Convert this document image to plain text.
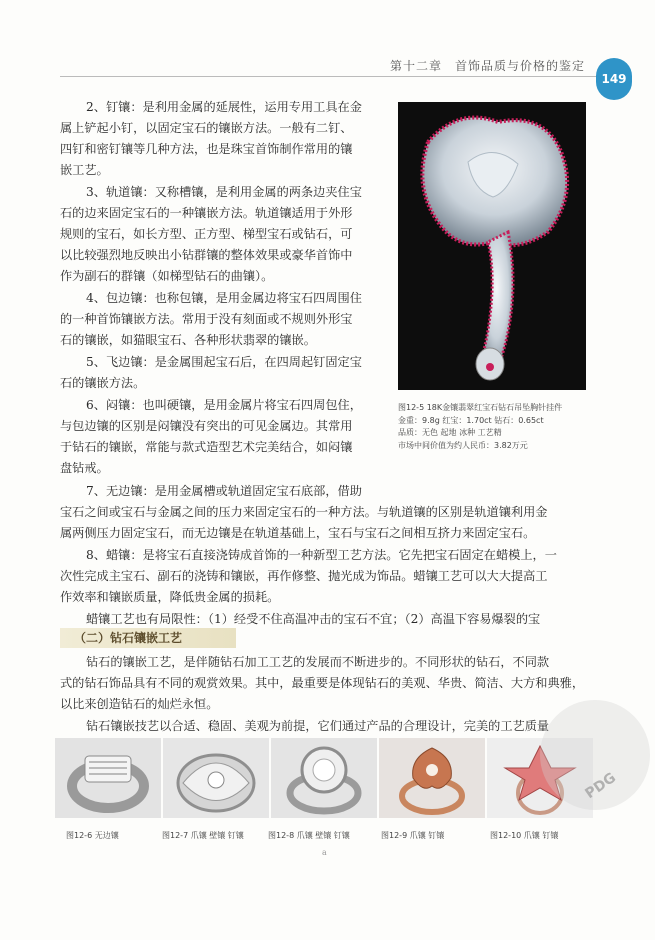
第十二章　首饰品质与价格的鉴定
149
图12-5 18K金镶翡翠红宝石钻石吊坠胸针挂件
金重：9.8g 红宝：1.70ct 钻石：0.65ct
品质：无色 起地 冰种 工艺精
市场中间价值为约人民币：3.82万元

2、钉镶：是利用金属的延展性，运用专用工具在金

属上铲起小钉，以固定宝石的镶嵌方法。一般有二钉、

四钉和密钉镶等几种方法，也是珠宝首饰制作常用的镶

嵌工艺。

3、轨道镶：又称槽镶，是利用金属的两条边夹住宝

石的边来固定宝石的一种镶嵌方法。轨道镶适用于外形

规则的宝石，如长方型、正方型、梯型宝石或钻石，可

以比较强烈地反映出小钻群镶的整体效果或豪华首饰中

作为副石的群镶（如梯型钻石的曲镶）。

4、包边镶：也称包镶，是用金属边将宝石四周围住

的一种首饰镶嵌方法。常用于没有刻面或不规则外形宝

石的镶嵌，如猫眼宝石、各种形状翡翠的镶嵌。

5、飞边镶：是金属围起宝石后，在四周起钉固定宝

石的镶嵌方法。

6、闷镶：也叫硬镶，是用金属片将宝石四周包住，

与包边镶的区别是闷镶没有突出的可见金属边。其常用

于钻石的镶嵌，常能与款式造型艺术完美结合，如闷镶

盘钻戒。

7、无边镶：是用金属槽或轨道固定宝石底部，借助

宝石之间或宝石与金属之间的压力来固定宝石的一种方法。与轨道镶的区别是轨道镶利用金

属两侧压力固定宝石，而无边镶是在轨道基础上，宝石与宝石之间相互挤力来固定宝石。

8、蜡镶：是将宝石直接浇铸成首饰的一种新型工艺方法。它先把宝石固定在蜡模上，一

次性完成主宝石、副石的浇铸和镶嵌，再作修整、抛光成为饰品。蜡镶工艺可以大大提高工

作效率和镶嵌质量，降低贵金属的损耗。

蜡镶工艺也有局限性：（1）经受不住高温冲击的宝石不宜；（2）高温下容易爆裂的宝

（二）钻石镶嵌工艺

钻石的镶嵌工艺，是伴随钻石加工工艺的发展而不断进步的。不同形状的钻石，不同款

式的钻石饰品具有不同的观赏效果。其中，最重要是体现钻石的美观、华贵、简洁、大方和典雅，

以比来创造钻石的灿烂永恒。

钻石镶嵌技艺以合适、稳固、美观为前提，它们通过产品的合理设计，完美的工艺质量

图12-6 无边镶	图12-7 爪镶 壁镶 钉镶	图12-8 爪镶 壁镶 钉镶	图12-9 爪镶 钉镶	图12-10 爪镶 钉镶
a
PDG
